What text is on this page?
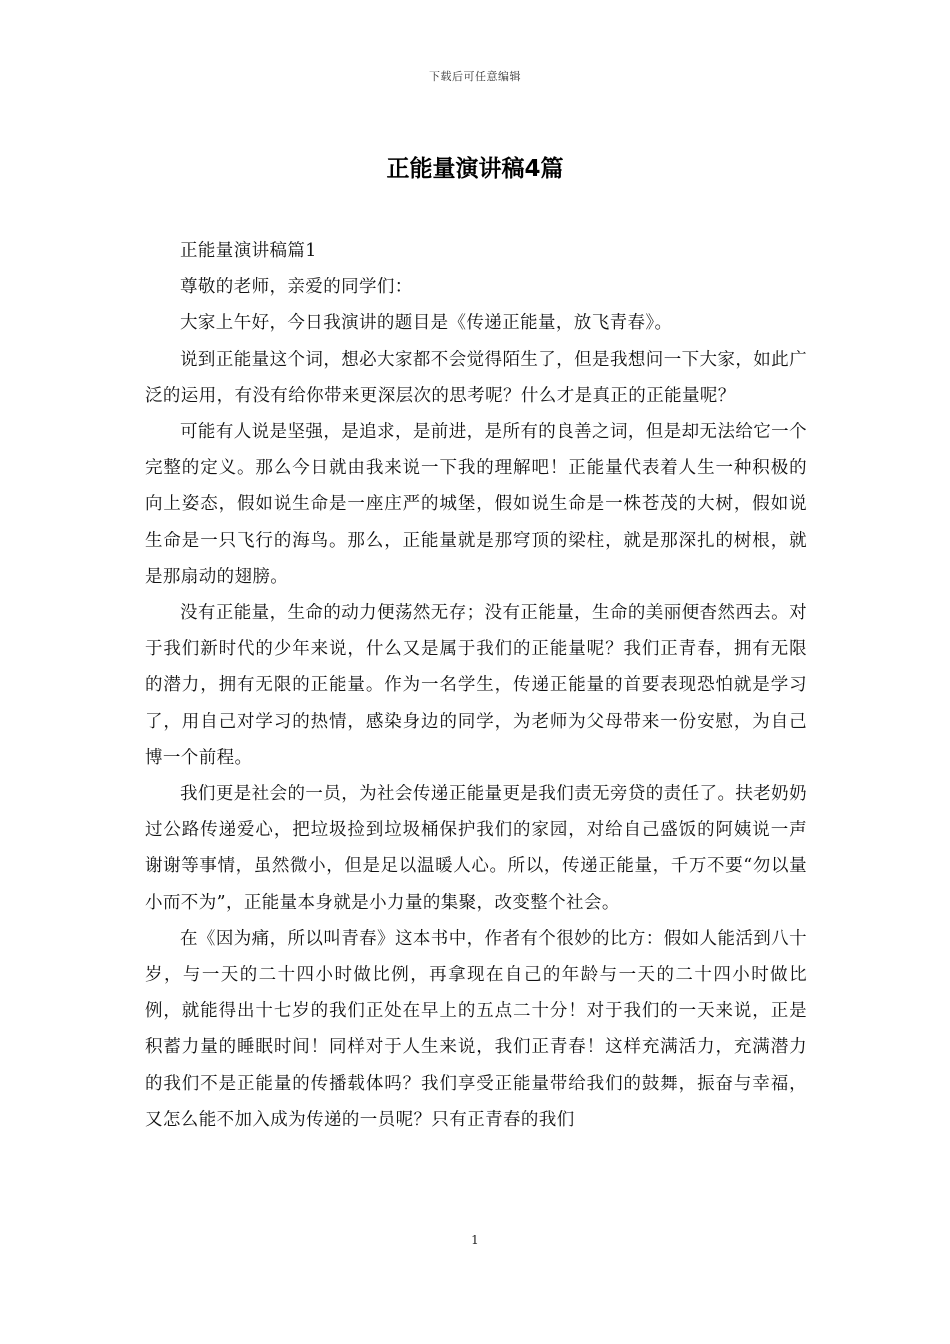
下载后可任意编辑
正能量演讲稿4篇

正能量演讲稿篇1

尊敬的老师，亲爱的同学们：

大家上午好，今日我演讲的题目是《传递正能量，放飞青春》。

说到正能量这个词，想必大家都不会觉得陌生了，但是我想问一下大家，如此广泛的运用，有没有给你带来更深层次的思考呢？什么才是真正的正能量呢？

可能有人说是坚强，是追求，是前进，是所有的良善之词，但是却无法给它一个完整的定义。那么今日就由我来说一下我的理解吧！正能量代表着人生一种积极的向上姿态，假如说生命是一座庄严的城堡，假如说生命是一株苍茂的大树，假如说生命是一只飞行的海鸟。那么，正能量就是那穹顶的梁柱，就是那深扎的树根，就是那扇动的翅膀。

没有正能量，生命的动力便荡然无存；没有正能量，生命的美丽便杳然西去。对于我们新时代的少年来说，什么又是属于我们的正能量呢？我们正青春，拥有无限的潜力，拥有无限的正能量。作为一名学生，传递正能量的首要表现恐怕就是学习了，用自己对学习的热情，感染身边的同学，为老师为父母带来一份安慰，为自己博一个前程。

我们更是社会的一员，为社会传递正能量更是我们责无旁贷的责任了。扶老奶奶过公路传递爱心，把垃圾捡到垃圾桶保护我们的家园，对给自己盛饭的阿姨说一声谢谢等事情，虽然微小，但是足以温暖人心。所以，传递正能量，千万不要“勿以量小而不为”，正能量本身就是小力量的集聚，改变整个社会。

在《因为痛，所以叫青春》这本书中，作者有个很妙的比方：假如人能活到八十岁，与一天的二十四小时做比例，再拿现在自己的年龄与一天的二十四小时做比例，就能得出十七岁的我们正处在早上的五点二十分！对于我们的一天来说，正是积蓄力量的睡眠时间！同样对于人生来说，我们正青春！这样充满活力，充满潜力的我们不是正能量的传播载体吗？我们享受正能量带给我们的鼓舞，振奋与幸福，又怎么能不加入成为传递的一员呢？只有正青春的我们

1
